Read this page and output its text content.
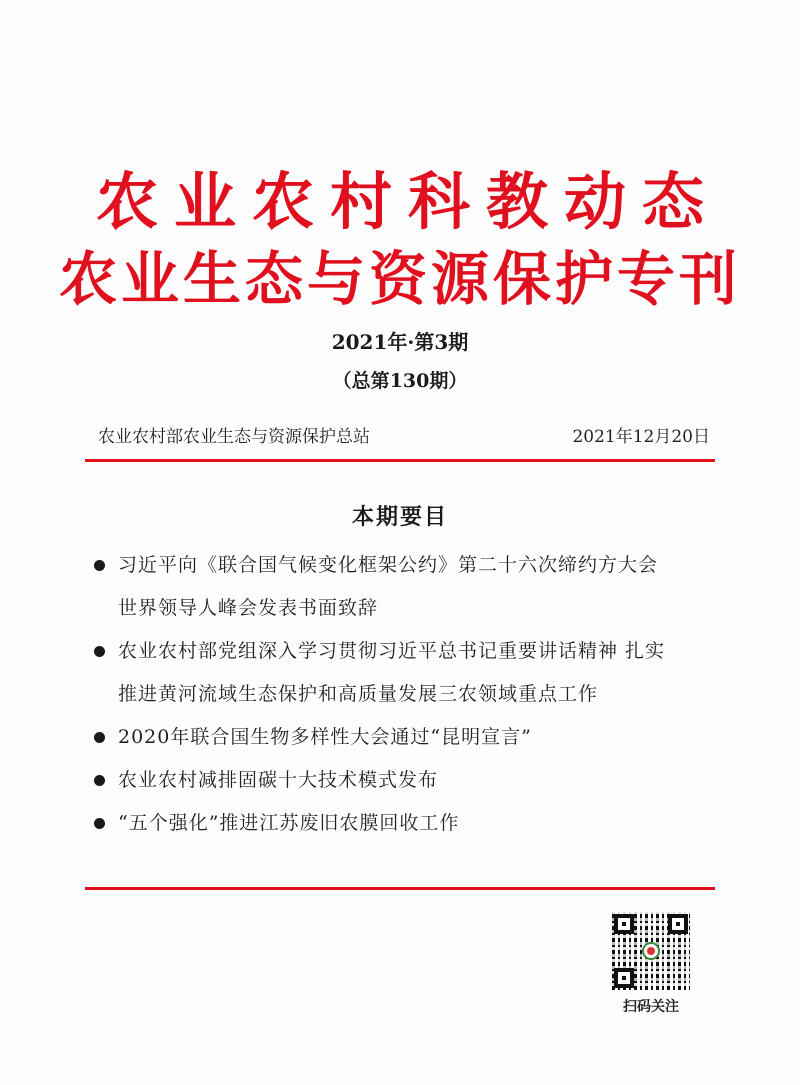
农业农村科教动态
农业生态与资源保护专刊
2021年·第3期
（总第130期）
农业农村部农业生态与资源保护总站	2021年12月20日
本期要目
习近平向《联合国气候变化框架公约》第二十六次缔约方大会
世界领导人峰会发表书面致辞
农业农村部党组深入学习贯彻习近平总书记重要讲话精神 扎实
推进黄河流域生态保护和高质量发展三农领域重点工作
2020年联合国生物多样性大会通过“昆明宣言”
农业农村减排固碳十大技术模式发布
“五个强化”推进江苏废旧农膜回收工作
扫码关注
